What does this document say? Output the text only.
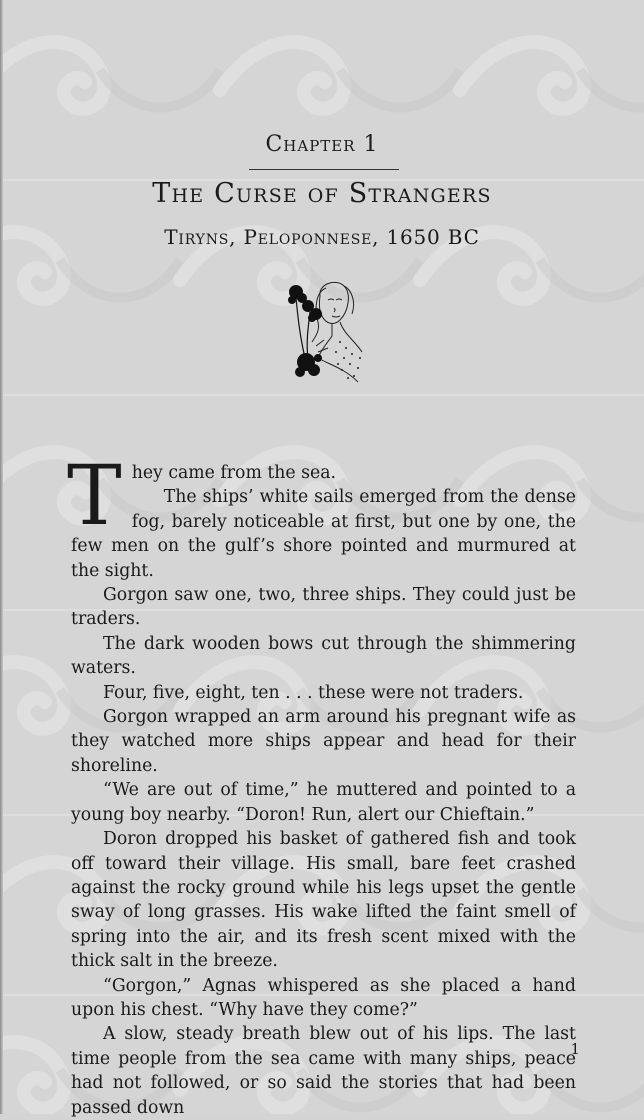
Chapter 1
The Curse of Strangers
Tiryns, Peloponnese, 1650 BC

They came from the sea.

The ships’ white sails emerged from the dense fog, barely noticeable at first, but one by one, the few men on the gulf’s shore pointed and murmured at the sight.

Gorgon saw one, two, three ships. They could just be traders.

The dark wooden bows cut through the shimmering waters.

Four, five, eight, ten . . . these were not traders.

Gorgon wrapped an arm around his pregnant wife as they watched more ships appear and head for their shoreline.

“We are out of time,” he muttered and pointed to a young boy nearby. “Doron! Run, alert our Chieftain.”

Doron dropped his basket of gathered fish and took off toward their village. His small, bare feet crashed against the rocky ground while his legs upset the gentle sway of long grasses. His wake lifted the faint smell of spring into the air, and its fresh scent mixed with the thick salt in the breeze.

“Gorgon,” Agnas whispered as she placed a hand upon his chest. “Why have they come?”

A slow, steady breath blew out of his lips. The last time people from the sea came with many ships, peace had not followed, or so said the stories that had been passed down

1
